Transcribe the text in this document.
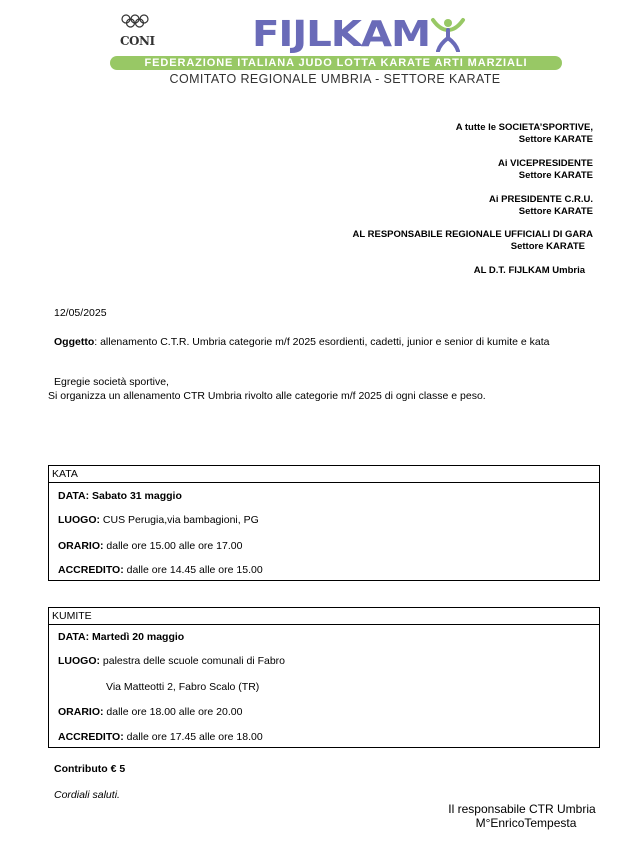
CONI	FIJLKAM
FEDERAZIONE ITALIANA JUDO LOTTA KARATE ARTI MARZIALI
COMITATO REGIONALE UMBRIA - SETTORE KARATE
A tutte le SOCIETA’SPORTIVE,
Settore KARATE
Ai VICEPRESIDENTE
Settore KARATE
Ai PRESIDENTE C.R.U.
Settore KARATE
AL RESPONSABILE REGIONALE UFFICIALI DI GARA
Settore KARATE
AL D.T. FIJLKAM Umbria
12/05/2025
Oggetto: allenamento C.T.R. Umbria categorie m/f 2025 esordienti, cadetti, junior e senior di kumite e kata
Egregie società sportive,
Si organizza un allenamento CTR Umbria rivolto alle categorie m/f 2025 di ogni classe e peso.
KATA
DATA: Sabato 31 maggio
LUOGO: CUS Perugia,via bambagioni, PG
ORARIO: dalle ore 15.00 alle ore 17.00
ACCREDITO: dalle ore 14.45 alle ore 15.00
KUMITE
DATA: Martedì 20 maggio
LUOGO: palestra delle scuole comunali di Fabro
Via Matteotti 2, Fabro Scalo (TR)
ORARIO: dalle ore 18.00 alle ore 20.00
ACCREDITO: dalle ore 17.45 alle ore 18.00
Contributo € 5
Cordiali saluti.
Il responsabile CTR Umbria
M°EnricoTempesta
